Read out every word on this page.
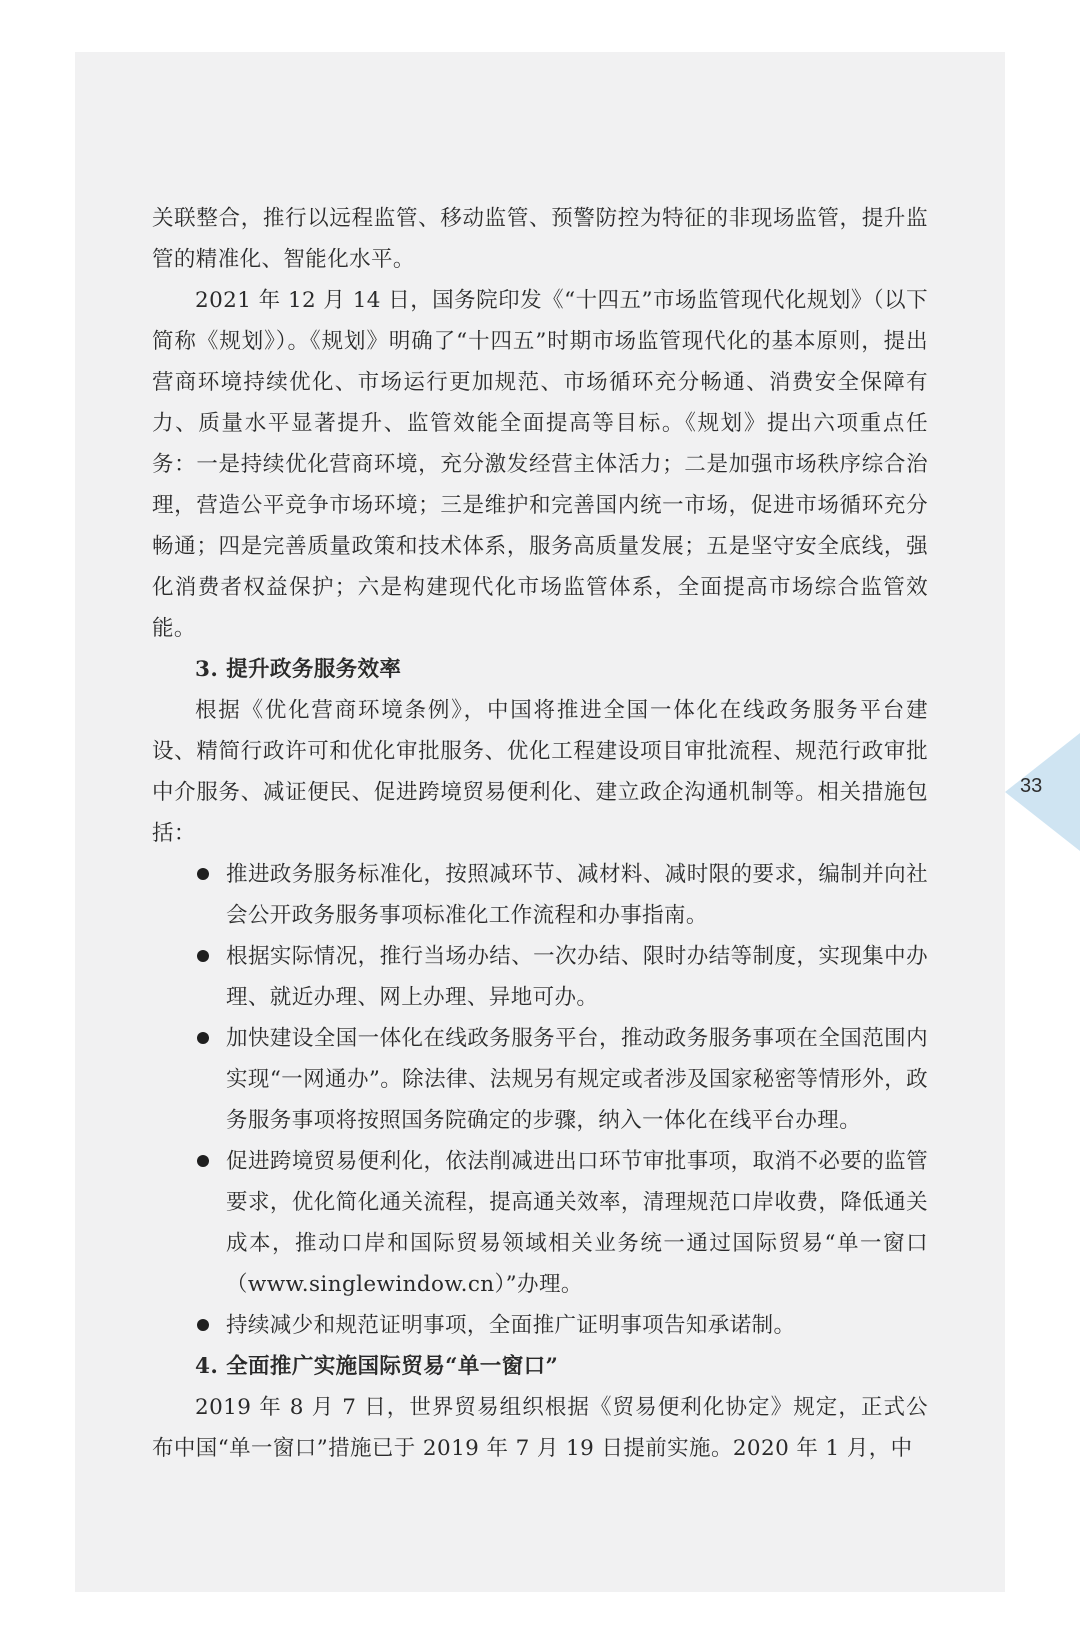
关联整合，推行以远程监管、移动监管、预警防控为特征的非现场监管，提升监管的精准化、智能化水平。

2021 年 12 月 14 日，国务院印发《“十四五”市场监管现代化规划》（以下简称《规划》）。《规划》明确了“十四五”时期市场监管现代化的基本原则，提出营商环境持续优化、市场运行更加规范、市场循环充分畅通、消费安全保障有力、质量水平显著提升、监管效能全面提高等目标。《规划》提出六项重点任务：一是持续优化营商环境，充分激发经营主体活力；二是加强市场秩序综合治理，营造公平竞争市场环境；三是维护和完善国内统一市场，促进市场循环充分畅通；四是完善质量政策和技术体系，服务高质量发展；五是坚守安全底线，强化消费者权益保护；六是构建现代化市场监管体系，全面提高市场综合监管效能。

3. 提升政务服务效率

根据《优化营商环境条例》，中国将推进全国一体化在线政务服务平台建设、精简行政许可和优化审批服务、优化工程建设项目审批流程、规范行政审批中介服务、减证便民、促进跨境贸易便利化、建立政企沟通机制等。相关措施包括：

推进政务服务标准化，按照减环节、减材料、减时限的要求，编制并向社会公开政务服务事项标准化工作流程和办事指南。
根据实际情况，推行当场办结、一次办结、限时办结等制度，实现集中办理、就近办理、网上办理、异地可办。
加快建设全国一体化在线政务服务平台，推动政务服务事项在全国范围内实现“一网通办”。除法律、法规另有规定或者涉及国家秘密等情形外，政务服务事项将按照国务院确定的步骤，纳入一体化在线平台办理。
促进跨境贸易便利化，依法削减进出口环节审批事项，取消不必要的监管要求，优化简化通关流程，提高通关效率，清理规范口岸收费，降低通关成本，推动口岸和国际贸易领域相关业务统一通过国际贸易“单一窗口（www.singlewindow.cn）”办理。
持续减少和规范证明事项，全面推广证明事项告知承诺制。

4. 全面推广实施国际贸易“单一窗口”

2019 年 8 月 7 日，世界贸易组织根据《贸易便利化协定》规定，正式公布中国“单一窗口”措施已于 2019 年 7 月 19 日提前实施。2020 年 1 月，中

33
